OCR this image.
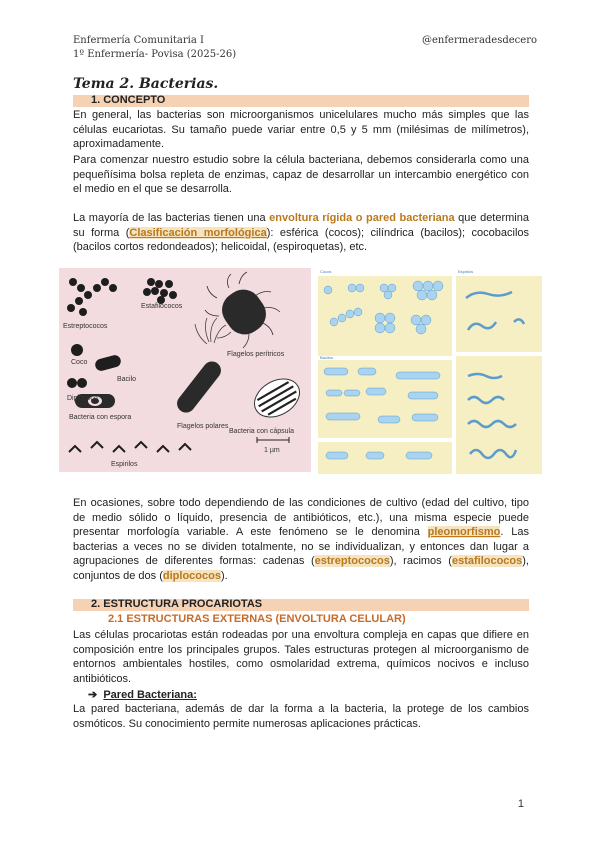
Enfermería Comunitaria I
1º Enfermería- Povisa (2025-26)
@enfermeradesdecero
Tema 2. Bacterias.
1. CONCEPTO

En general, las bacterias son microorganismos unicelulares mucho más simples que las células eucariotas. Su tamaño puede variar entre 0,5 y 5 mm (milésimas de milímetros), aproximadamente.

Para comenzar nuestro estudio sobre la célula bacteriana, debemos considerarla como una pequeñísima bolsa repleta de enzimas, capaz de desarrollar un intercambio energético con el medio en el que se desarrolla.

La mayoría de las bacterias tienen una envoltura rígida o pared bacteriana que determina su forma (Clasificación morfológica): esférica (cocos); cilíndrica (bacilos); cocobacilos (bacilos cortos redondeados); helicoidal, (espiroquetas), etc.

Estreptococos
Estafilococos
Flagelos perítricos
Coco
Bacilo
Diplococo
Flagelos polares
Bacteria con espora
Bacteria con cápsula
Espirilos
1 µm
Cocos	Espirilos
Bacilos

En ocasiones, sobre todo dependiendo de las condiciones de cultivo (edad del cultivo, tipo de medio sólido o líquido, presencia de antibióticos, etc.), una misma especie puede presentar morfología variable. A este fenómeno se le denomina pleomorfismo. Las bacterias a veces no se dividen totalmente, no se individualizan, y entonces dan lugar a agrupaciones de diferentes formas: cadenas (estreptococos), racimos (estafilococos), conjuntos de dos (diplococos).

2. ESTRUCTURA PROCARIOTAS
2.1 ESTRUCTURAS EXTERNAS (ENVOLTURA CELULAR)

Las células procariotas están rodeadas por una envoltura compleja en capas que difiere en composición entre los principales grupos. Tales estructuras protegen al microorganismo de entornos ambientales hostiles, como osmolaridad extrema, químicos nocivos e incluso antibióticos.

➔ Pared Bacteriana:

La pared bacteriana, además de dar la forma a la bacteria, la protege de los cambios osmóticos. Su conocimiento permite numerosas aplicaciones prácticas.

1
